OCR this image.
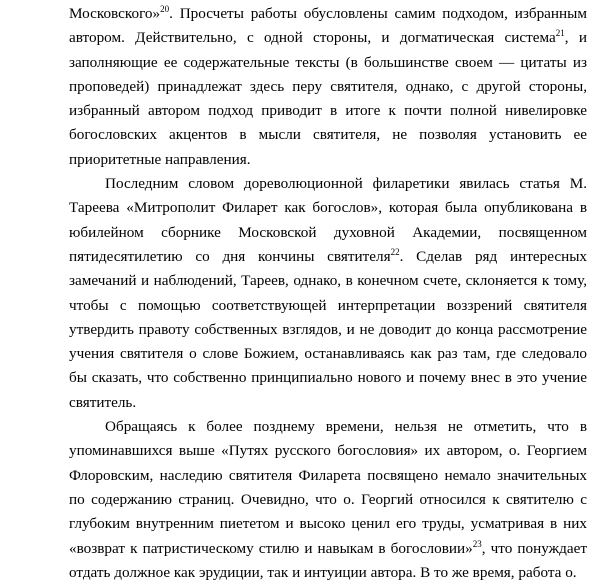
Московского»$^{20}$. Просчеты работы обусловлены самим подходом, избранным автором. Действительно, с одной стороны, и догматическая система$^{21}$, и заполняющие ее содержательные тексты (в большинстве своем — цитаты из проповедей) принадлежат здесь перу святителя, однако, с другой стороны, избранный автором подход приводит в итоге к почти полной нивелировке богословских акцентов в мысли святителя, не позволяя установить ее приоритетные направления.

Последним словом дореволюционной филаретики явилась статья М. Тареева «Митрополит Филарет как богослов», которая была опубликована в юбилейном сборнике Московской духовной Академии, посвященном пятидесятилетию со дня кончины святителя$^{22}$. Сделав ряд интересных замечаний и наблюдений, Тареев, однако, в конечном счете, склоняется к тому, чтобы с помощью соответствующей интерпретации воззрений святителя утвердить правоту собственных взглядов, и не доводит до конца рассмотрение учения святителя о слове Божием, останавливаясь как раз там, где следовало бы сказать, что собственно принципиально нового и почему внес в это учение святитель.

Обращаясь к более позднему времени, нельзя не отметить, что в упоминавшихся выше «Путях русского богословия» их автором, о. Георгием Флоровским, наследию святителя Филарета посвящено немало значительных по содержанию страниц. Очевидно, что о. Георгий относился к святителю с глубоким внутренним пиететом и высоко ценил его труды, усматривая в них «возврат к патристическому стилю и навыкам в богословии»$^{23}$, что понуждает отдать должное как эрудиции, так и интуиции автора. В то же время, работа о.
